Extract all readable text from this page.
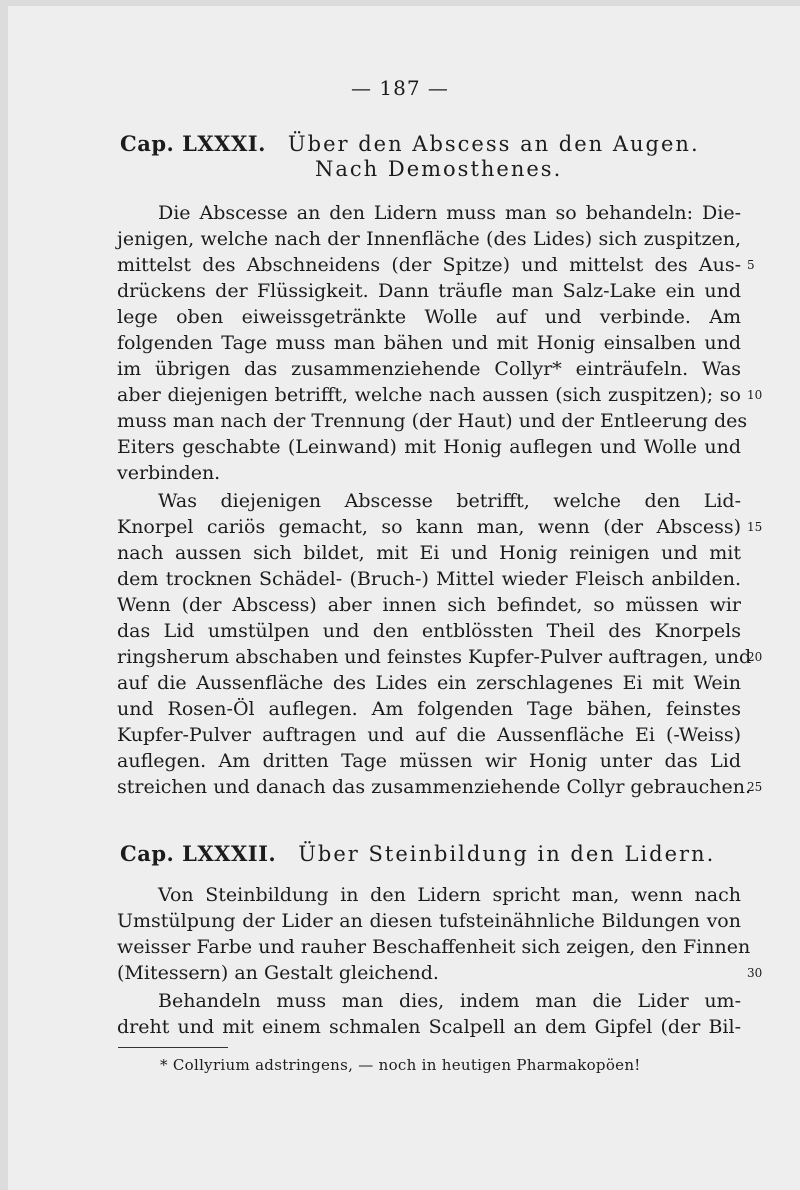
— 187 —
Cap. LXXXI. Über den Abscess an den Augen.
Nach Demosthenes.
Die Abscesse an den Lidern muss man so behandeln: Die-
jenigen, welche nach der Innenfläche (des Lides) sich zuspitzen,
mittelst des Abschneidens (der Spitze) und mittelst des Aus-
drückens der Flüssigkeit. Dann träufle man Salz-Lake ein und
lege oben eiweissgetränkte Wolle auf und verbinde. Am
folgenden Tage muss man bähen und mit Honig einsalben und
im übrigen das zusammenziehende Collyr* einträufeln. Was
aber diejenigen betrifft, welche nach aussen (sich zuspitzen); so
muss man nach der Trennung (der Haut) und der Entleerung des
Eiters geschabte (Leinwand) mit Honig auflegen und Wolle und
verbinden.
Was diejenigen Abscesse betrifft, welche den Lid-
Knorpel cariös gemacht, so kann man, wenn (der Abscess)
nach aussen sich bildet, mit Ei und Honig reinigen und mit
dem trocknen Schädel- (Bruch-) Mittel wieder Fleisch anbilden.
Wenn (der Abscess) aber innen sich befindet, so müssen wir
das Lid umstülpen und den entblössten Theil des Knorpels
ringsherum abschaben und feinstes Kupfer-Pulver auftragen, und
auf die Aussenfläche des Lides ein zerschlagenes Ei mit Wein
und Rosen-Öl auflegen. Am folgenden Tage bähen, feinstes
Kupfer-Pulver auftragen und auf die Aussenfläche Ei (-Weiss)
auflegen. Am dritten Tage müssen wir Honig unter das Lid
streichen und danach das zusammenziehende Collyr gebrauchen.
Cap. LXXXII. Über Steinbildung in den Lidern.
Von Steinbildung in den Lidern spricht man, wenn nach
Umstülpung der Lider an diesen tufsteinähnliche Bildungen von
weisser Farbe und rauher Beschaffenheit sich zeigen, den Finnen
(Mitessern) an Gestalt gleichend.
Behandeln muss man dies, indem man die Lider um-
dreht und mit einem schmalen Scalpell an dem Gipfel (der Bil-
5
10
15
20
25
30
* Collyrium adstringens, — noch in heutigen Pharmakopöen!
